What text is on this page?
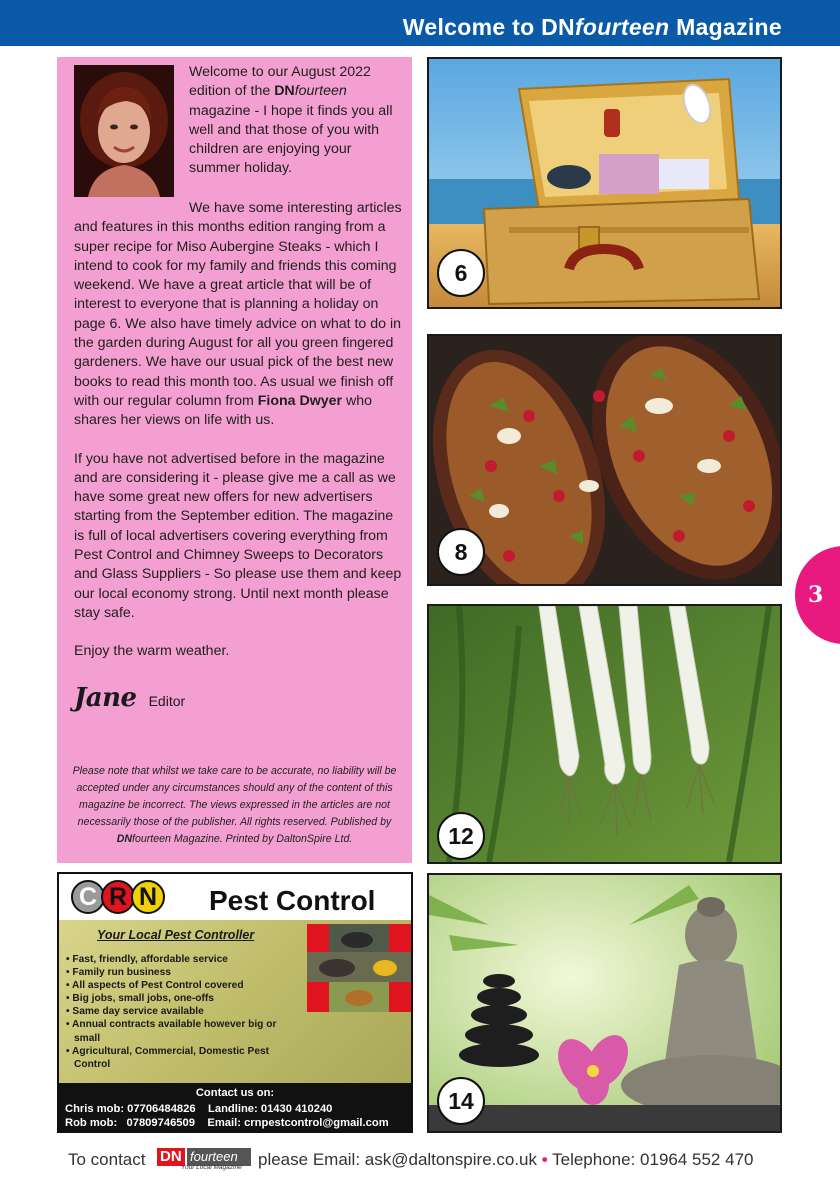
Welcome to DNfourteen Magazine

Welcome to our August 2022 edition of the DNfourteen magazine - I hope it finds you all well and that those of you with children are enjoying your summer holiday.

We have some interesting articles and features in this months edition ranging from a super recipe for Miso Aubergine Steaks - which I intend to cook for my family and friends this coming weekend. We have a great article that will be of interest to everyone that is planning a holiday on page 6. We also have timely advice on what to do in the garden during August for all you green fingered gardeners. We have our usual pick of the best new books to read this month too. As usual we finish off with our regular column from Fiona Dwyer who shares her views on life with us.

If you have not advertised before in the magazine and are considering it - please give me a call as we have some great new offers for new advertisers starting from the September edition. The magazine is full of local advertisers covering everything from Pest Control and Chimney Sweeps to Decorators and Glass Suppliers - So please use them and keep our local economy strong. Until next month please stay safe.

Enjoy the warm weather.

Jane Editor
Please note that whilst we take care to be accurate, no liability will be accepted under any circumstances should any of the content of this magazine be incorrect. The views expressed in the articles are not necessarily those of the publisher. All rights reserved. Published by DNfourteen Magazine. Printed by DaltonSpire Ltd.
6
8
12
14
3
C R N Pest Control
Your Local Pest Controller
• Fast, friendly, affordable service
• Family run business
• All aspects of Pest Control covered
• Big jobs, small jobs, one-offs
• Same day service available
• Annual contracts available however big or small
• Agricultural, Commercial, Domestic Pest Control
Contact us on:
Chris mob: 07706484826    Landline: 01430 410240
Rob mob:   07809746509    Email: crnpestcontrol@gmail.com
To contact	fourteen
DN
Your Local Magazine please Email: ask@daltonspire.co.uk • Telephone: 01964 552 470
